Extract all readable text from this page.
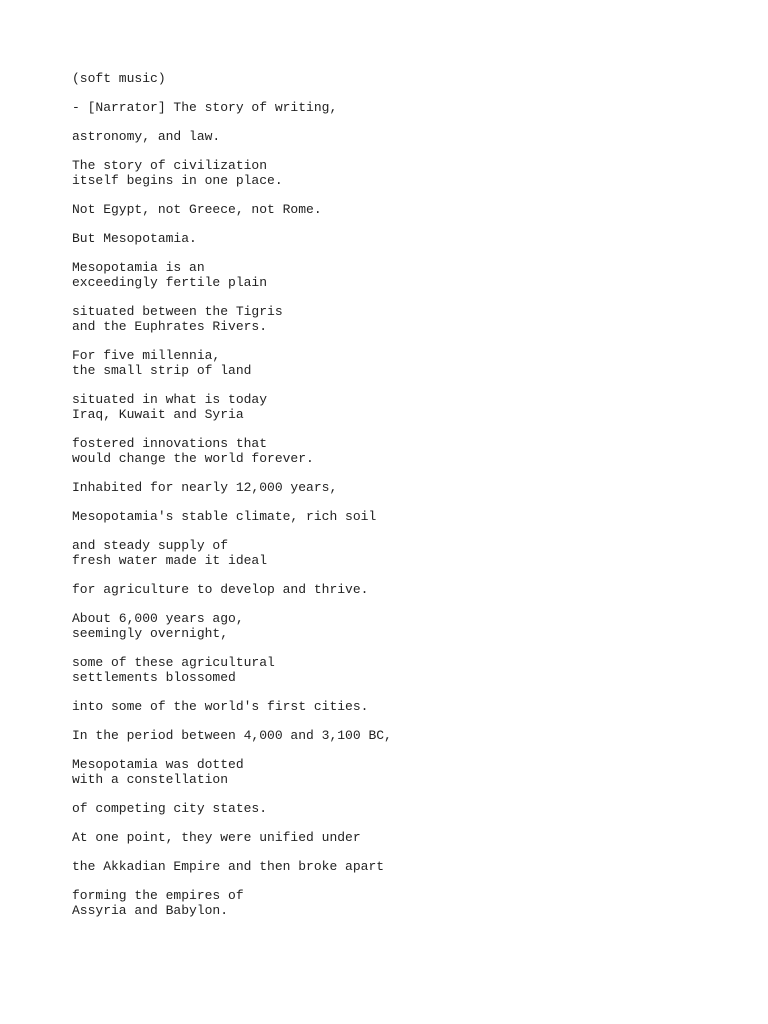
(soft music)
- [Narrator] The story of writing,
astronomy, and law.
The story of civilization
itself begins in one place.
Not Egypt, not Greece, not Rome.
But Mesopotamia.
Mesopotamia is an
exceedingly fertile plain
situated between the Tigris
and the Euphrates Rivers.
For five millennia,
the small strip of land
situated in what is today
Iraq, Kuwait and Syria
fostered innovations that
would change the world forever.
Inhabited for nearly 12,000 years,
Mesopotamia's stable climate, rich soil
and steady supply of
fresh water made it ideal
for agriculture to develop and thrive.
About 6,000 years ago,
seemingly overnight,
some of these agricultural
settlements blossomed
into some of the world's first cities.
In the period between 4,000 and 3,100 BC,
Mesopotamia was dotted
with a constellation
of competing city states.
At one point, they were unified under
the Akkadian Empire and then broke apart
forming the empires of
Assyria and Babylon.
